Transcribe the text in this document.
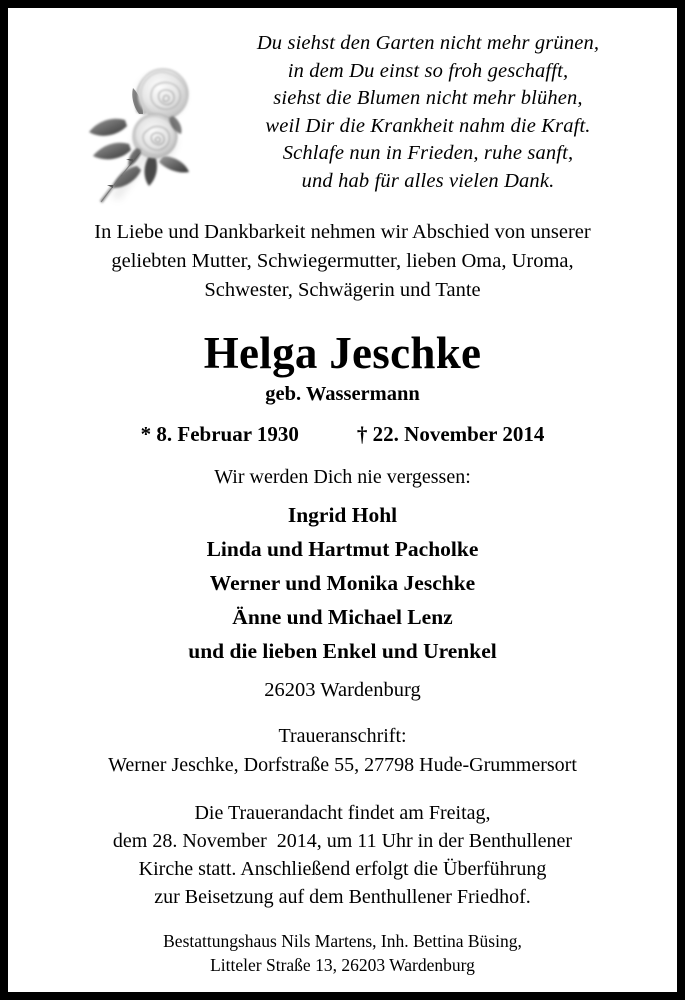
Du siehst den Garten nicht mehr grünen,
in dem Du einst so froh geschafft,
siehst die Blumen nicht mehr blühen,
weil Dir die Krankheit nahm die Kraft.
Schlafe nun in Frieden, ruhe sanft,
und hab für alles vielen Dank.
In Liebe und Dankbarkeit nehmen wir Abschied von unserer
geliebten Mutter, Schwiegermutter, lieben Oma, Uroma,
Schwester, Schwägerin und Tante
Helga Jeschke
geb. Wassermann
* 8. Februar 1930	† 22. November 2014
Wir werden Dich nie vergessen:
Ingrid Hohl
Linda und Hartmut Pacholke
Werner und Monika Jeschke
Änne und Michael Lenz
und die lieben Enkel und Urenkel
26203 Wardenburg
Traueranschrift:
Werner Jeschke, Dorfstraße 55, 27798 Hude-Grummersort
Die Trauerandacht findet am Freitag,
dem 28. November  2014, um 11 Uhr in der Benthullener
Kirche statt. Anschließend erfolgt die Überführung
zur Beisetzung auf dem Benthullener Friedhof.
Bestattungshaus Nils Martens, Inh. Bettina Büsing,
Litteler Straße 13, 26203 Wardenburg
